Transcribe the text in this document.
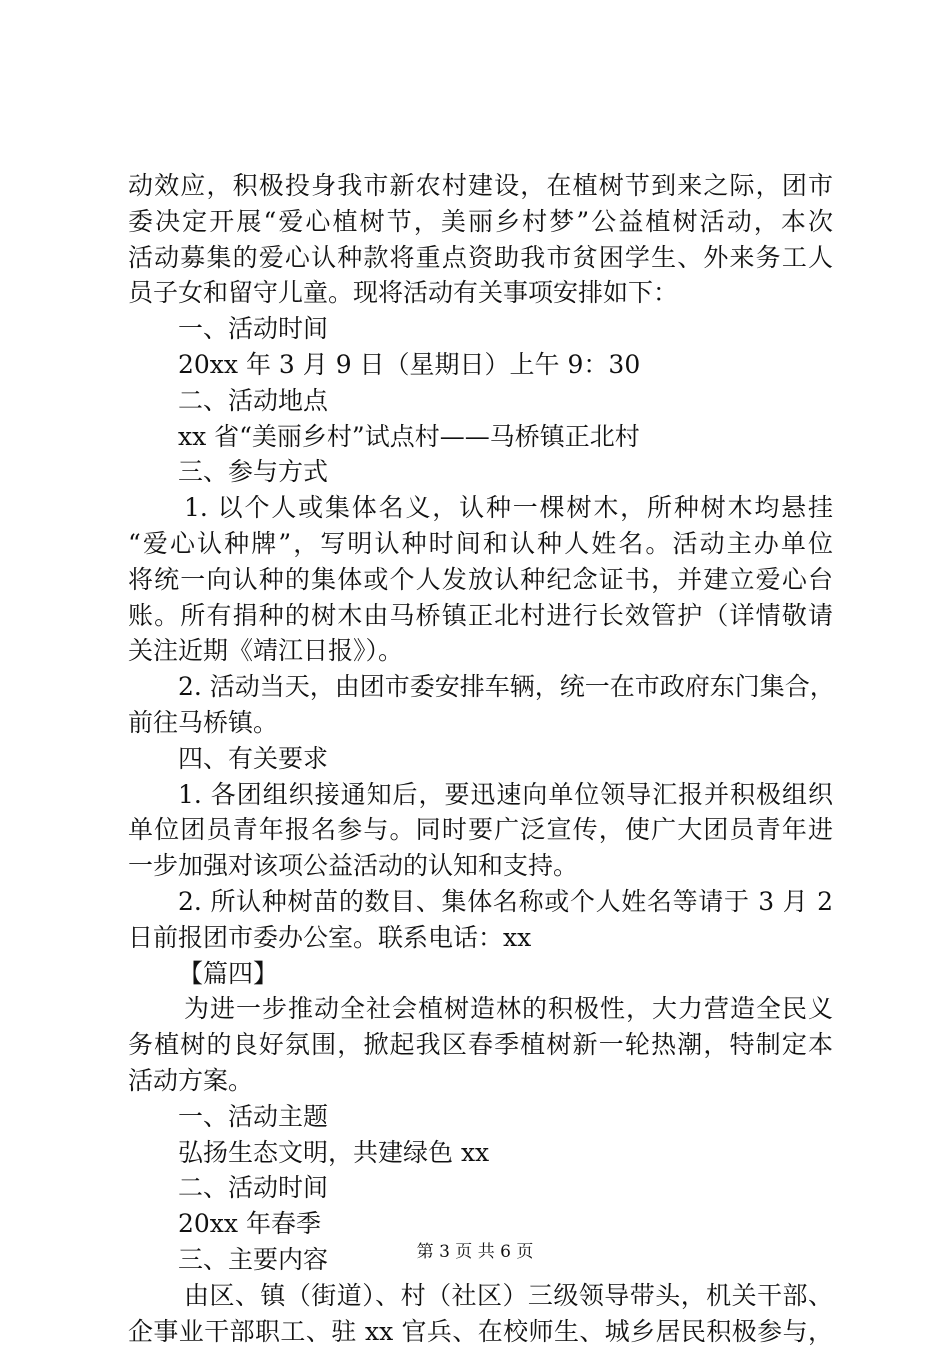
动效应，积极投身我市新农村建设，在植树节到来之际，团市
委决定开展“爱心植树节，美丽乡村梦”公益植树活动，本次
活动募集的爱心认种款将重点资助我市贫困学生、外来务工人
员子女和留守儿童。现将活动有关事项安排如下：
一、活动时间
20xx 年 3 月 9 日（星期日）上午 9：30
二、活动地点
xx 省“美丽乡村”试点村——马桥镇正北村
三、参与方式
1. 以个人或集体名义，认种一棵树木，所种树木均悬挂
“爱心认种牌”，写明认种时间和认种人姓名。活动主办单位
将统一向认种的集体或个人发放认种纪念证书，并建立爱心台
账。所有捐种的树木由马桥镇正北村进行长效管护（详情敬请
关注近期《靖江日报》）。
2. 活动当天，由团市委安排车辆，统一在市政府东门集合，
前往马桥镇。
四、有关要求
1. 各团组织接通知后，要迅速向单位领导汇报并积极组织
单位团员青年报名参与。同时要广泛宣传，使广大团员青年进
一步加强对该项公益活动的认知和支持。
2. 所认种树苗的数目、集体名称或个人姓名等请于 3 月 2
日前报团市委办公室。联系电话：xx
【篇四】
为进一步推动全社会植树造林的积极性，大力营造全民义
务植树的良好氛围，掀起我区春季植树新一轮热潮，特制定本
活动方案。
一、活动主题
弘扬生态文明，共建绿色 xx
二、活动时间
20xx 年春季
三、主要内容
由区、镇（街道）、村（社区）三级领导带头，机关干部、
企事业干部职工、驻 xx 官兵、在校师生、城乡居民积极参与，
第 3 页 共 6 页
